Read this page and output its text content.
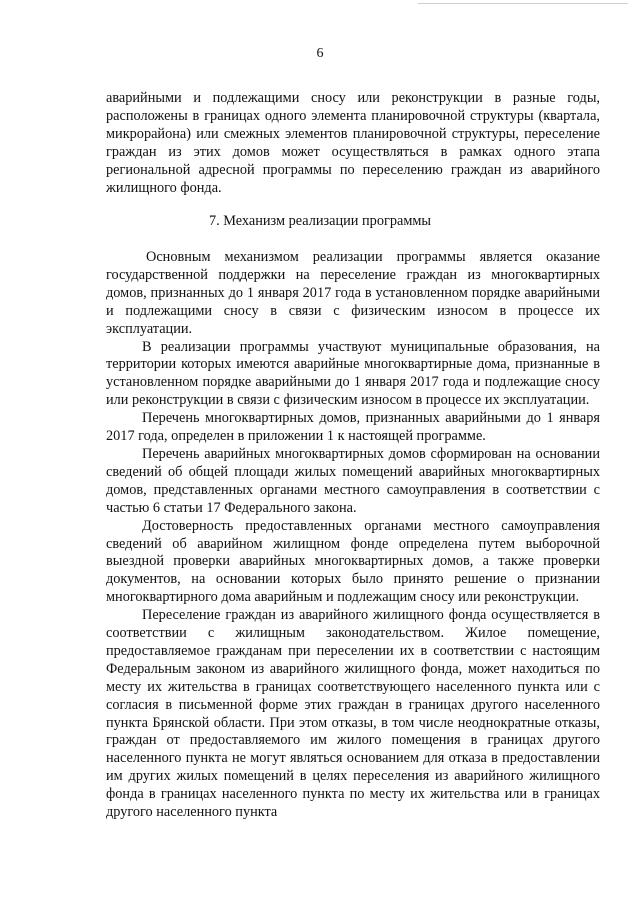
6

аварийными и подлежащими сносу или реконструкции в разные годы, расположены в границах одного элемента планировочной структуры (квартала, микрорайона) или смежных элементов планировочной структуры, переселение граждан из этих домов может осуществляться в рамках одного этапа региональной адресной программы по переселению граждан из аварийного жилищного фонда.

7. Механизм реализации программы

Основным механизмом реализации программы является оказание государственной поддержки на переселение граждан из многоквартирных домов, признанных до 1 января 2017 года в установленном порядке аварийными и подлежащими сносу в связи с физическим износом в процессе их эксплуатации.

В реализации программы участвуют муниципальные образования, на территории которых имеются аварийные многоквартирные дома, признанные в установленном порядке аварийными до 1 января 2017 года и подлежащие сносу или реконструкции в связи с физическим износом в процессе их эксплуатации.

Перечень многоквартирных домов, признанных аварийными до 1 января 2017 года, определен в приложении 1 к настоящей программе.

Перечень аварийных многоквартирных домов сформирован на основании сведений об общей площади жилых помещений аварийных многоквартирных домов, представленных органами местного самоуправления в соответствии с частью 6 статьи 17 Федерального закона.

Достоверность предоставленных органами местного самоуправления сведений об аварийном жилищном фонде определена путем выборочной выездной проверки аварийных многоквартирных домов, а также проверки документов, на основании которых было принято решение о признании многоквартирного дома аварийным и подлежащим сносу или реконструкции.

Переселение граждан из аварийного жилищного фонда осуществляется в соответствии с жилищным законодательством. Жилое помещение, предоставляемое гражданам при переселении их в соответствии с настоящим Федеральным законом из аварийного жилищного фонда, может находиться по месту их жительства в границах соответствующего населенного пункта или с согласия в письменной форме этих граждан в границах другого населенного пункта Брянской области. При этом отказы, в том числе неоднократные отказы, граждан от предоставляемого им жилого помещения в границах другого населенного пункта не могут являться основанием для отказа в предоставлении им других жилых помещений в целях переселения из аварийного жилищного фонда в границах населенного пункта по месту их жительства или в границах другого населенного пункта
